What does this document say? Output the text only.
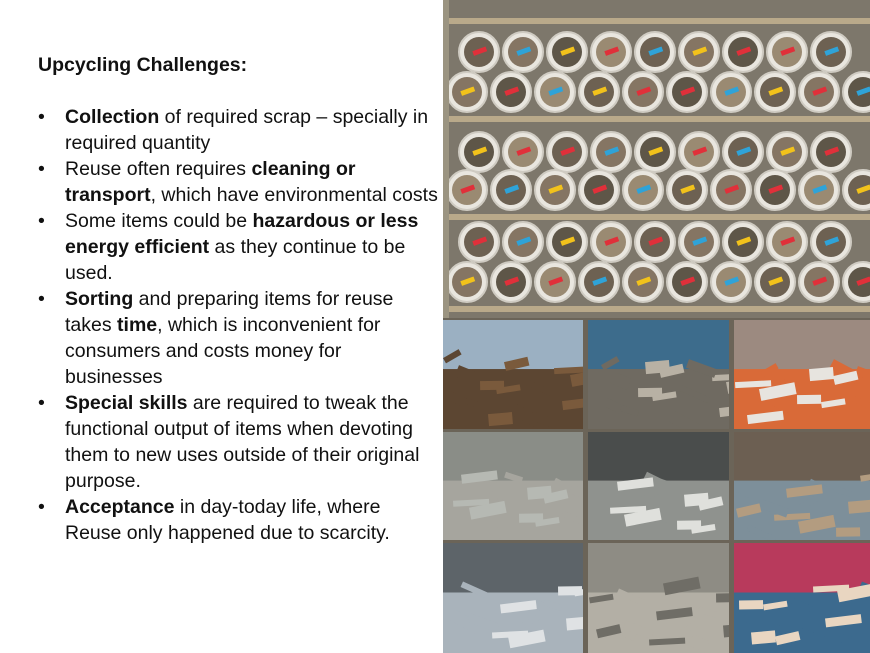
Upcycling Challenges:
• Collection of required scrap – specially in required quantity
• Reuse often requires cleaning or transport, which have environmental costs
• Some items could be hazardous or less energy efficient as they continue to be used.
• Sorting and preparing items for reuse takes time, which is inconvenient for consumers and costs money for businesses
• Special skills are required to tweak the functional output of items when devoting them to new uses outside of their original purpose.
• Acceptance in day-today life, where Reuse only happened due to scarcity.
